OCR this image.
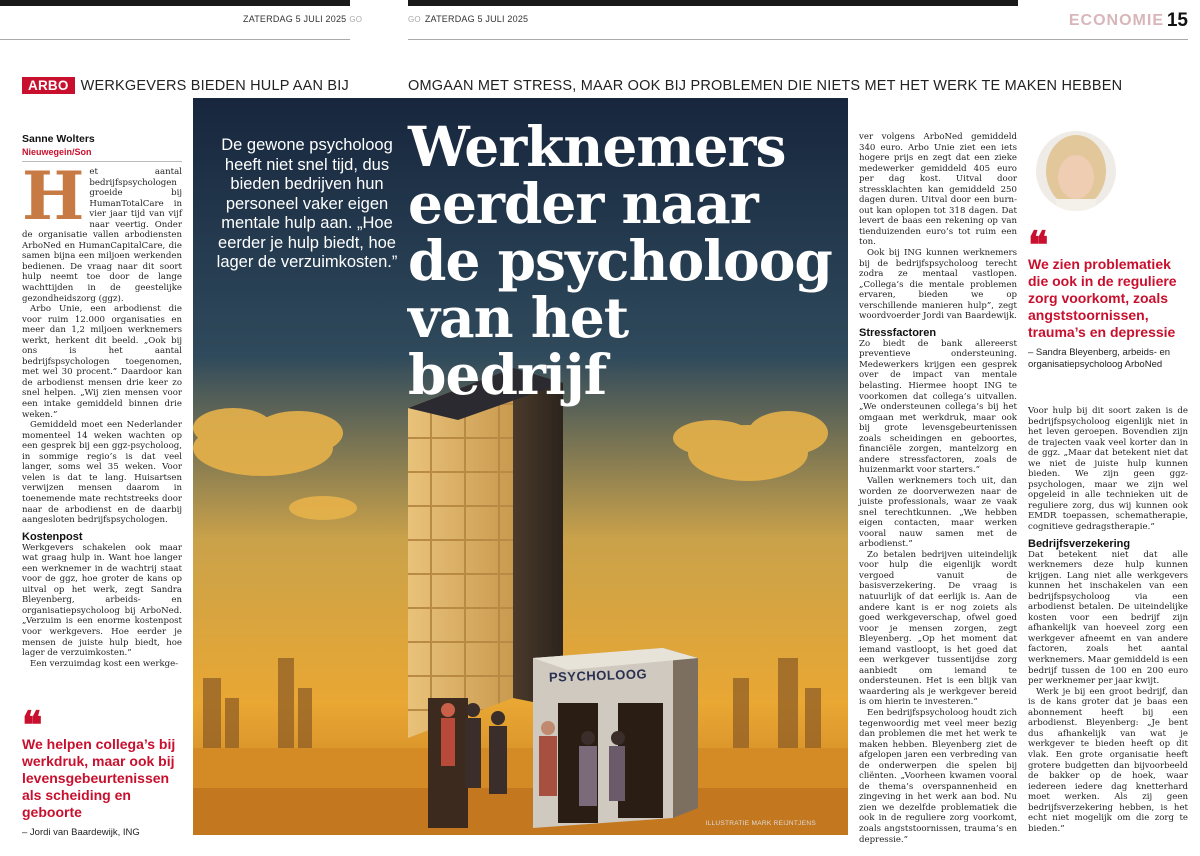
ZATERDAG 5 JULI 2025 GO	GO ZATERDAG 5 JULI 2025	ECONOMIE 15
ARBO WERKGEVERS BIEDEN HULP AAN BIJ	OMGAAN MET STRESS, MAAR OOK BIJ PROBLEMEN DIE NIETS MET HET WERK TE MAKEN HEBBEN
Sanne Wolters
Nieuwegein/Son

Het aantal bedrijfspsychologen groeide bij HumanTotalCare in vier jaar tijd van vijf naar veertig. Onder de organisatie vallen arbodiensten ArboNed en HumanCapitalCare, die samen bijna een miljoen werkenden bedienen. De vraag naar dit soort hulp neemt toe door de lange wachttijden in de geestelijke gezondheidszorg (ggz).

Arbo Unie, een arbodienst die voor ruim 12.000 organisaties en meer dan 1,2 miljoen werknemers werkt, herkent dit beeld. „Ook bij ons is het aantal bedrijfspsychologen toegenomen, met wel 30 procent.” Daardoor kan de arbodienst mensen drie keer zo snel helpen. „Wij zien mensen voor een intake gemiddeld binnen drie weken.”

Gemiddeld moet een Nederlander momenteel 14 weken wachten op een gesprek bij een ggz-psycholoog, in sommige regio’s is dat veel langer, soms wel 35 weken. Voor velen is dat te lang. Huisartsen verwijzen mensen daarom in toenemende mate rechtstreeks door naar de arbodienst en de daarbij aangesloten bedrijfspsychologen.

Kostenpost

Werkgevers schakelen ook maar wat graag hulp in. Want hoe langer een werknemer in de wachtrij staat voor de ggz, hoe groter de kans op uitval op het werk, zegt Sandra Bleyenberg, arbeids- en organisatiepsycholoog bij ArboNed. „Verzuim is een enorme kostenpost voor werkgevers. Hoe eerder je mensen de juiste hulp biedt, hoe lager de verzuimkosten.”

Een verzuimdag kost een werkge-

❝
We helpen collega’s bij werkdruk, maar ook bij levensgebeurtenissen als scheiding en geboorte
– Jordi van Baardewijk, ING
Werknemers eerder naar de psycholoog van het bedrijf
De gewone psycholoog heeft niet snel tijd, dus bieden bedrijven hun personeel vaker eigen mentale hulp aan. „Hoe eerder je hulp biedt, hoe lager de verzuimkosten.”
PSYCHOLOOG
ILLUSTRATIE MARK REIJNTJENS

ver volgens ArboNed gemiddeld 340 euro. Arbo Unie ziet een iets hogere prijs en zegt dat een zieke medewerker gemiddeld 405 euro per dag kost. Uitval door stressklachten kan gemiddeld 250 dagen duren. Uitval door een burn-out kan oplopen tot 318 dagen. Dat levert de baas een rekening op van tienduizenden euro’s tot ruim een ton.

Ook bij ING kunnen werknemers bij de bedrijfspsycholoog terecht zodra ze mentaal vastlopen. „Collega’s die mentale problemen ervaren, bieden we op verschillende manieren hulp”, zegt woordvoerder Jordi van Baardewijk.

Stressfactoren

Zo biedt de bank allereerst preventieve ondersteuning. Medewerkers krijgen een gesprek over de impact van mentale belasting. Hiermee hoopt ING te voorkomen dat collega’s uitvallen. „We ondersteunen collega’s bij het omgaan met werkdruk, maar ook bij grote levensgebeurtenissen zoals scheidingen en geboortes, financiële zorgen, mantelzorg en andere stressfactoren, zoals de huizenmarkt voor starters.”

Vallen werknemers toch uit, dan worden ze doorverwezen naar de juiste professionals, waar ze vaak snel terechtkunnen. „We hebben eigen contacten, maar werken vooral nauw samen met de arbodienst.”

Zo betalen bedrijven uiteindelijk voor hulp die eigenlijk wordt vergoed vanuit de basisverzekering. De vraag is natuurlijk of dat eerlijk is. Aan de andere kant is er nog zoiets als goed werkgeverschap, ofwel goed voor je mensen zorgen, zegt Bleyenberg. „Op het moment dat iemand vastloopt, is het goed dat een werkgever tussentijdse zorg aanbiedt om iemand te ondersteunen. Het is een blijk van waardering als je werkgever bereid is om hierin te investeren.”

Een bedrijfspsycholoog houdt zich tegenwoordig met veel meer bezig dan problemen die met het werk te maken hebben. Bleyenberg ziet de afgelopen jaren een verbreding van de onderwerpen die spelen bij cliënten. „Voorheen kwamen vooral de thema’s overspannenheid en zingeving in het werk aan bod. Nu zien we dezelfde problematiek die ook in de reguliere zorg voorkomt, zoals angststoornissen, trauma’s en depressie.”

❝
We zien problematiek die ook in de reguliere zorg voorkomt, zoals angststoornissen, trauma’s en depressie
– Sandra Bleyenberg, arbeids- en organisatiepsycholoog ArboNed

Voor hulp bij dit soort zaken is de bedrijfspsycholoog eigenlijk niet in het leven geroepen. Bovendien zijn de trajecten vaak veel korter dan in de ggz. „Maar dat betekent niet dat we niet de juiste hulp kunnen bieden. We zijn geen ggz-psychologen, maar we zijn wel opgeleid in alle technieken uit de reguliere zorg, dus wij kunnen ook EMDR toepassen, schematherapie, cognitieve gedragstherapie.”

Bedrijfsverzekering

Dat betekent niet dat alle werknemers deze hulp kunnen krijgen. Lang niet alle werkgevers kunnen het inschakelen van een bedrijfspsycholoog via een arbodienst betalen. De uiteindelijke kosten voor een bedrijf zijn afhankelijk van hoeveel zorg een werkgever afneemt en van andere factoren, zoals het aantal werknemers. Maar gemiddeld is een bedrijf tussen de 100 en 200 euro per werknemer per jaar kwijt.

Werk je bij een groot bedrijf, dan is de kans groter dat je baas een abonnement heeft bij een arbodienst. Bleyenberg: „Je bent dus afhankelijk van wat je werkgever te bieden heeft op dit vlak. Een grote organisatie heeft grotere budgetten dan bijvoorbeeld de bakker op de hoek, waar iedereen iedere dag knetterhard moet werken. Als zij geen bedrijfsverzekering hebben, is het echt niet mogelijk om die zorg te bieden.”
